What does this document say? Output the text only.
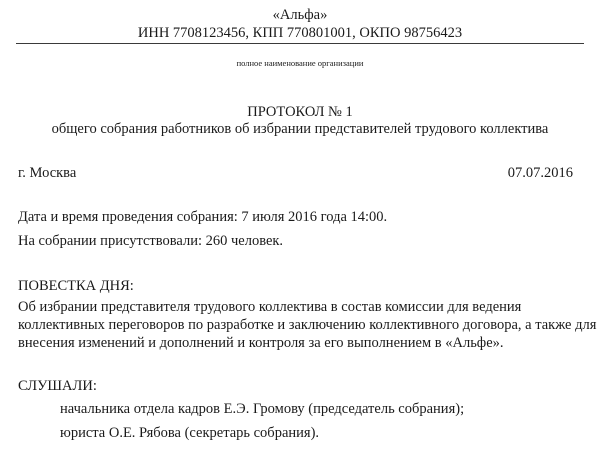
«Альфа»
ИНН 7708123456, КПП 770801001, ОКПО 98756423
полное наименование организации
ПРОТОКОЛ № 1
общего собрания работников об избрании представителей трудового коллектива
г. Москва	07.07.2016
Дата и время проведения собрания: 7 июля 2016 года 14:00.
На собрании присутствовали: 260 человек.
ПОВЕСТКА ДНЯ:
Об избрании представителя трудового коллектива в состав комиссии для ведения
коллективных переговоров по разработке и заключению коллективного договора, а также для
внесения изменений и дополнений и контроля за его выполнением в «Альфе».
СЛУШАЛИ:
начальника отдела кадров Е.Э. Громову (председатель собрания);
юриста О.Е. Рябова (секретарь собрания).
